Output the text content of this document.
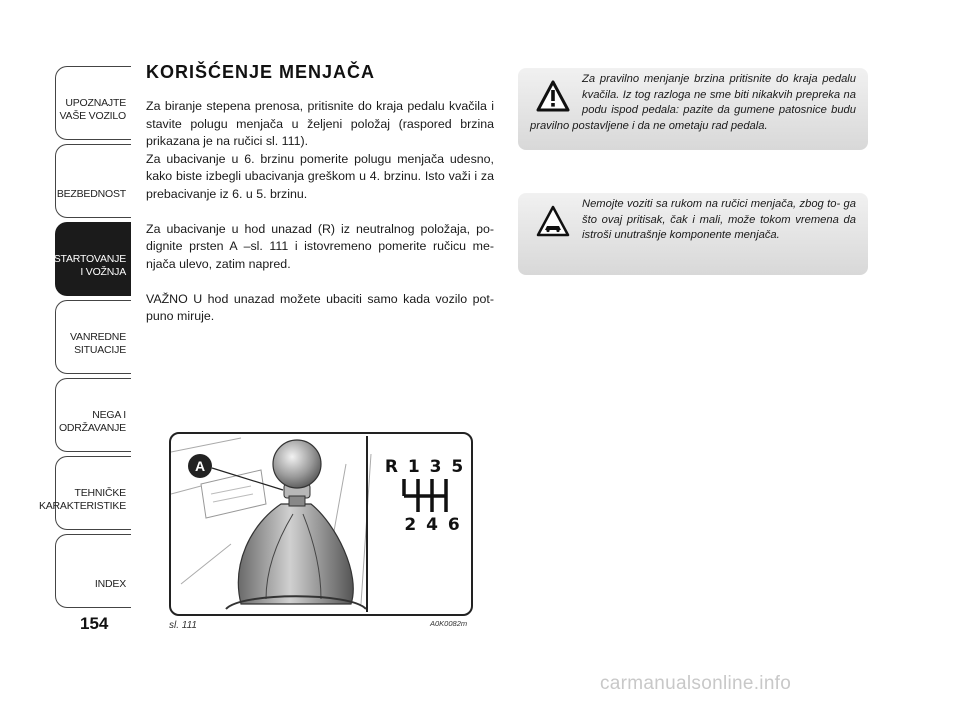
UPOZNAJTE
VAŠE VOZILO
BEZBEDNOST
STARTOVANJE
I VOŽNJA
VANREDNE
SITUACIJE
NEGA I
ODRŽAVANJE
TEHNIČKE
KARAKTERISTIKE
INDEX
154
KORIŠĆENJE MENJAČA

Za biranje stepena prenosa, pritisnite do kraja pedalu kvačila i stavite polugu menjača u željeni položaj (raspored brzina prikazana je na ručici sl. 111).

Za ubacivanje u 6. brzinu pomerite polugu menjača udesno, kako biste izbegli ubacivanja greškom u 4. brzinu. Isto važi i za prebacivanje iz 6. u 5. brzinu.

Za ubacivanje u hod unazad (R) iz neutralnog položaja, po- dignite prsten A –sl. 111 i istovremeno pomerite ručicu me- njača ulevo, zatim napred.

VAŽNO U hod unazad možete ubaciti samo kada vozilo pot- puno miruje.

Za pravilno menjanje brzina pritisnite do kraja pedalu kvačila. Iz tog razloga ne sme biti nikakvih prepreka na podu ispod pedala: pazite da gumene patosnice budu pravilno postavljene i da ne ometaju rad pedala.
Nemojte voziti sa rukom na ručici menjača, zbog to- ga što ovaj pritisak, čak i mali, može tokom vremena da istroši unutrašnje komponente menjača.
A	R 1 3 5
2 4 6
sl. 111	A0K0082m
carmanualsonline.info
